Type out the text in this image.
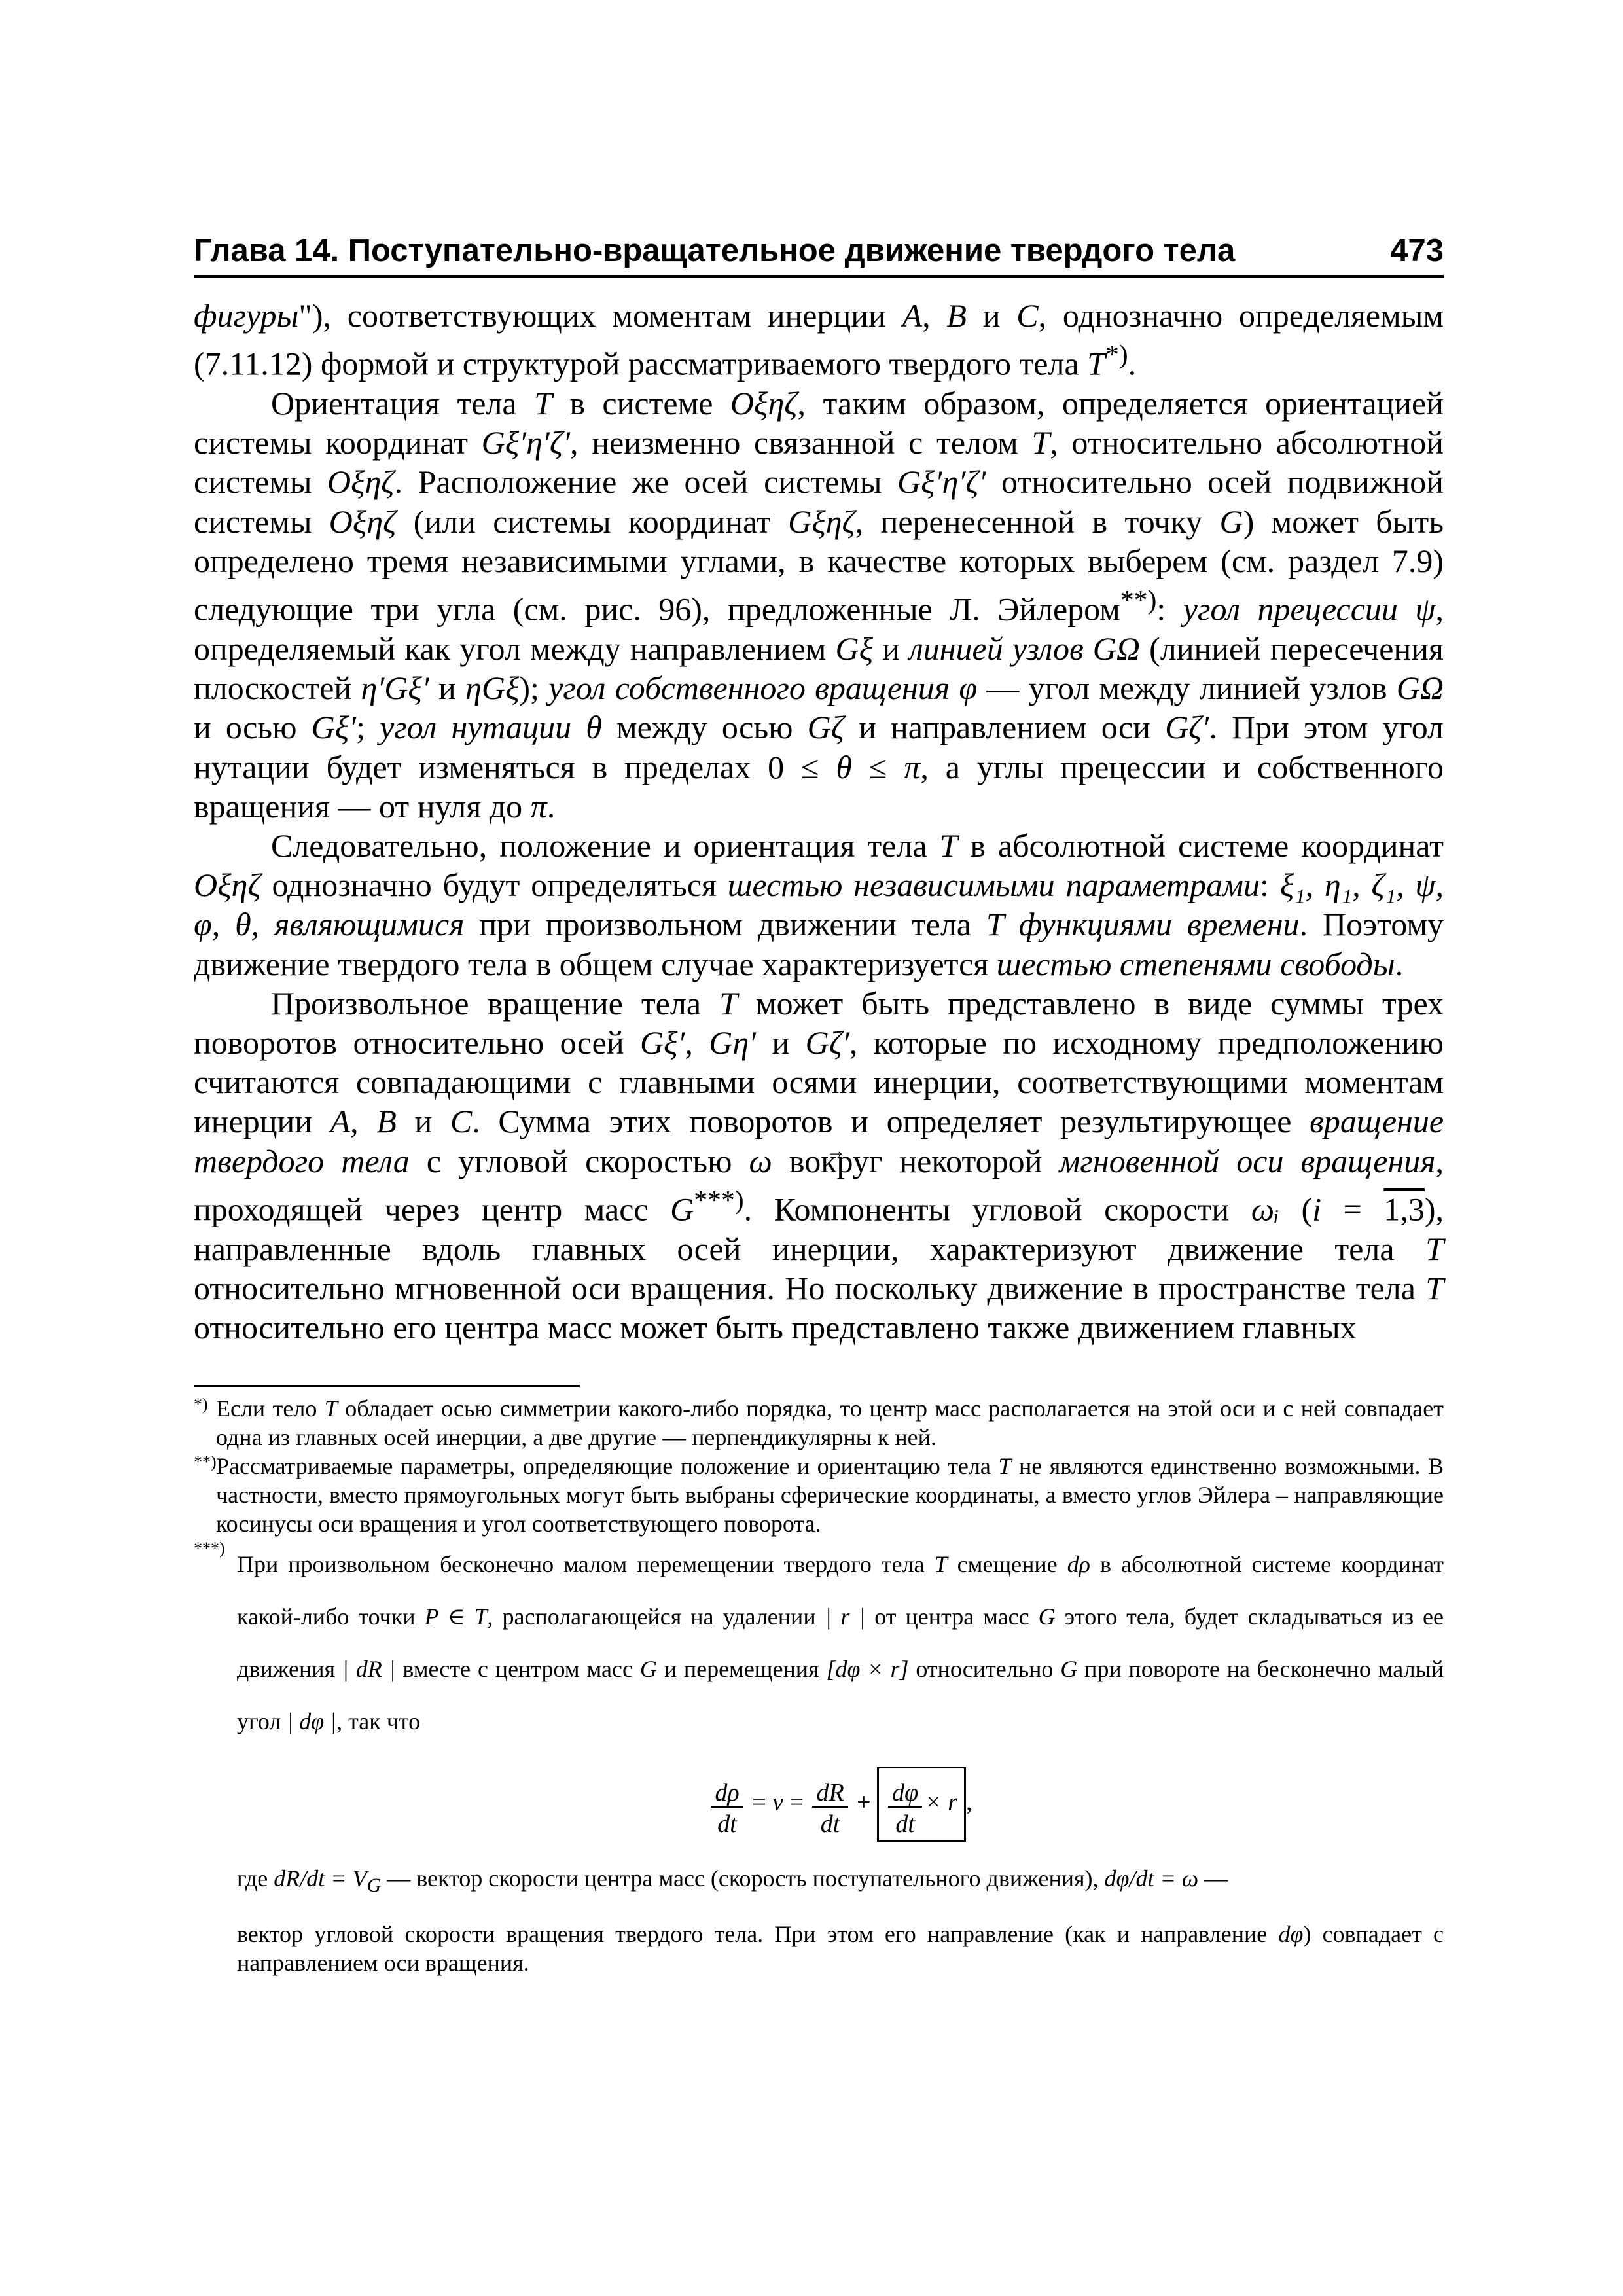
Глава 14. Поступательно-вращательное движение твердого тела	473

фигуры"), соответствующих моментам инерции A, B и C, однозначно определяемым (7.11.12) формой и структурой рассматриваемого твердого тела T*).

Ориентация тела T в системе Oξηζ, таким образом, определяется ориентацией системы координат Gξ′η′ζ′, неизменно связанной с телом T, относительно абсолютной системы Oξηζ. Расположение же осей системы Gξ′η′ζ′ относительно осей подвижной системы Oξηζ (или системы координат Gξηζ, перенесенной в точку G) может быть определено тремя независимыми углами, в качестве которых выберем (см. раздел 7.9) следующие три угла (см. рис. 96), предложенные Л. Эйлером**): угол прецессии ψ, определяемый как угол между направлением Gξ и линией узлов GΩ (линией пересечения плоскостей η′Gξ′ и ηGξ); угол собственного вращения φ — угол между линией узлов GΩ и осью Gξ′; угол нутации θ между осью Gζ и направлением оси Gζ′. При этом угол нутации будет изменяться в пределах 0 ≤ θ ≤ π, а углы прецессии и собственного вращения — от нуля до π.

Следовательно, положение и ориентация тела T в абсолютной системе координат Oξηζ однозначно будут определяться шестью независимыми параметрами: ξ₁, η₁, ζ₁, ψ, φ, θ, являющимися при произвольном движении тела T функциями времени. Поэтому движение твердого тела в общем случае характеризуется шестью степенями свободы.

Произвольное вращение тела T может быть представлено в виде суммы трех поворотов относительно осей Gξ′, Gη′ и Gζ′, которые по исходному предположению считаются совпадающими с главными осями инерции, соответствующими моментам инерции A, B и C. Сумма этих поворотов и определяет результирующее вращение твердого тела с угловой скоростью → ω вокруг некоторой мгновенной оси вращения, проходящей через центр масс G***). Компоненты угловой скорости ωᵢ (i = 1,3), направленные вдоль главных осей инерции, характеризуют движение тела T относительно мгновенной оси вращения. Но поскольку движение в пространстве тела T относительно его центра масс может быть представлено также движением главных

*) Если тело T обладает осью симметрии какого-либо порядка, то центр масс располагается на этой оси и с ней совпадает одна из главных осей инерции, а две другие — перпендикулярны к ней.
**) Рассматриваемые параметры, определяющие положение и ориентацию тела T не являются единственно возможными. В частности, вместо прямоугольных могут быть выбраны сферические координаты, а вместо углов Эйлера – направляющие косинусы оси вращения и угол соответствующего поворота.
***)
При произвольном бесконечно малом перемещении твердого тела T смещение dρ в абсолютной системе координат какой-либо точки P ∈ T, располагающейся на удалении | r | от центра масс G этого тела, будет складываться из ее движения | dR | вместе с центром масс G и перемещения [dφ × r] относительно G при повороте на бесконечно малый угол | dφ |, так что
$\frac{d\rho}{dt} = v = \frac{dR}{dt} + \frac{d\varphi}{dt} \times r$ ,
где $dR/dt = V_G$ — вектор скорости центра масс (скорость поступательного движения), dφ/dt = ω —
вектор угловой скорости вращения твердого тела. При этом его направление (как и направление dφ) совпадает с направлением оси вращения.
